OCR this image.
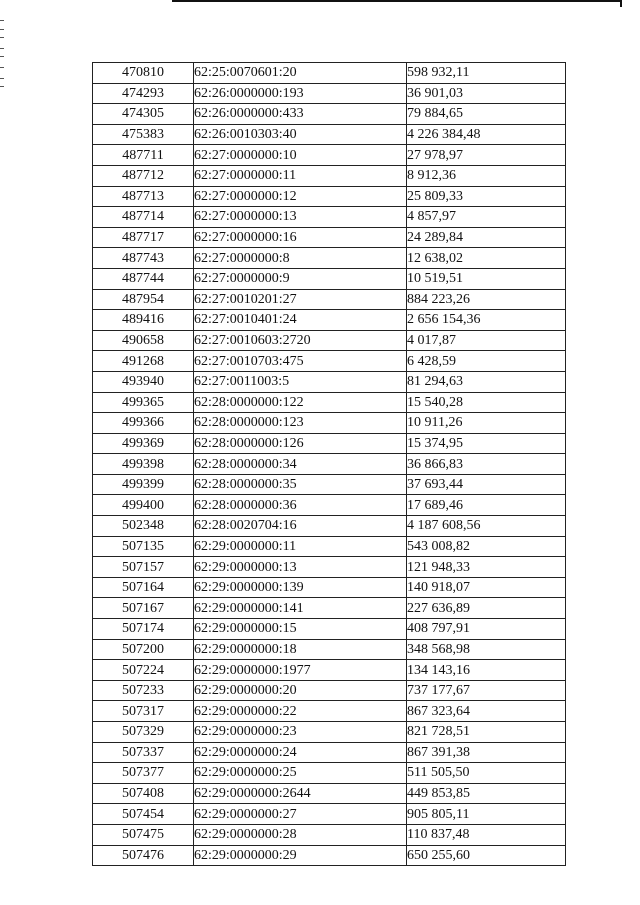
470810	62:25:0070601:20	598 932,11
474293	62:26:0000000:193	36 901,03
474305	62:26:0000000:433	79 884,65
475383	62:26:0010303:40	4 226 384,48
487711	62:27:0000000:10	27 978,97
487712	62:27:0000000:11	8 912,36
487713	62:27:0000000:12	25 809,33
487714	62:27:0000000:13	4 857,97
487717	62:27:0000000:16	24 289,84
487743	62:27:0000000:8	12 638,02
487744	62:27:0000000:9	10 519,51
487954	62:27:0010201:27	884 223,26
489416	62:27:0010401:24	2 656 154,36
490658	62:27:0010603:2720	4 017,87
491268	62:27:0010703:475	6 428,59
493940	62:27:0011003:5	81 294,63
499365	62:28:0000000:122	15 540,28
499366	62:28:0000000:123	10 911,26
499369	62:28:0000000:126	15 374,95
499398	62:28:0000000:34	36 866,83
499399	62:28:0000000:35	37 693,44
499400	62:28:0000000:36	17 689,46
502348	62:28:0020704:16	4 187 608,56
507135	62:29:0000000:11	543 008,82
507157	62:29:0000000:13	121 948,33
507164	62:29:0000000:139	140 918,07
507167	62:29:0000000:141	227 636,89
507174	62:29:0000000:15	408 797,91
507200	62:29:0000000:18	348 568,98
507224	62:29:0000000:1977	134 143,16
507233	62:29:0000000:20	737 177,67
507317	62:29:0000000:22	867 323,64
507329	62:29:0000000:23	821 728,51
507337	62:29:0000000:24	867 391,38
507377	62:29:0000000:25	511 505,50
507408	62:29:0000000:2644	449 853,85
507454	62:29:0000000:27	905 805,11
507475	62:29:0000000:28	110 837,48
507476	62:29:0000000:29	650 255,60
